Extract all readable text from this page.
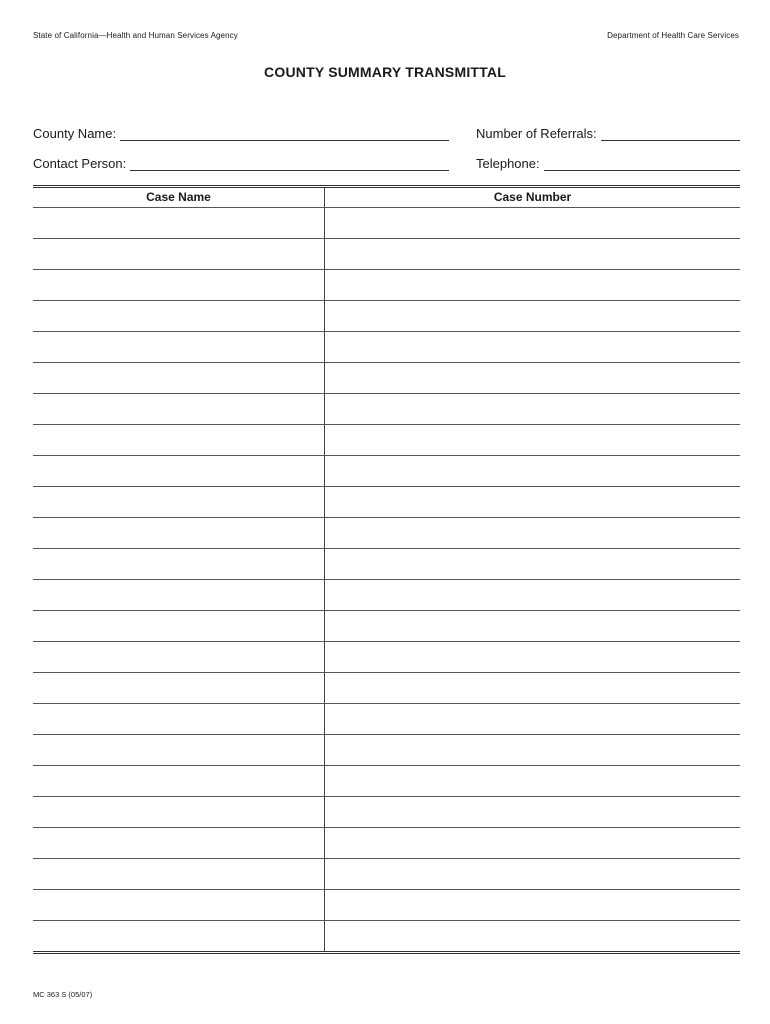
State of California—Health and Human Services Agency	Department of Health Care Services
COUNTY SUMMARY TRANSMITTAL
County Name:	Number of Referrals:
Contact Person:	Telephone:
Case Name	Case Number
MC 363 S (05/07)
